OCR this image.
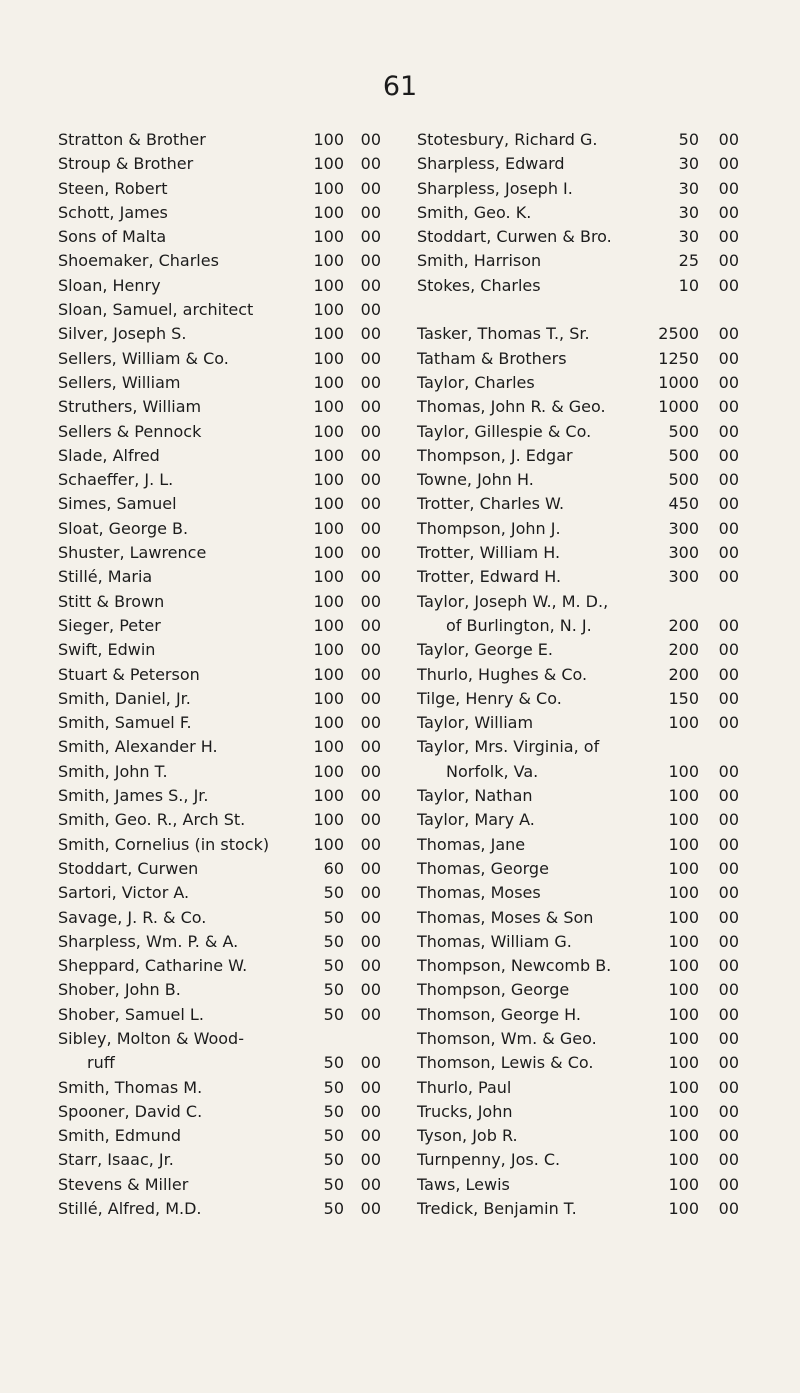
61
Stratton & Brother	100	00
Stroup & Brother	100	00
Steen, Robert	100	00
Schott, James	100	00
Sons of Malta	100	00
Shoemaker, Charles	100	00
Sloan, Henry	100	00
Sloan, Samuel, architect	100	00
Silver, Joseph S.	100	00
Sellers, William & Co.	100	00
Sellers, William	100	00
Struthers, William	100	00
Sellers & Pennock	100	00
Slade, Alfred	100	00
Schaeffer, J. L.	100	00
Simes, Samuel	100	00
Sloat, George B.	100	00
Shuster, Lawrence	100	00
Stillé, Maria	100	00
Stitt & Brown	100	00
Sieger, Peter	100	00
Swift, Edwin	100	00
Stuart & Peterson	100	00
Smith, Daniel, Jr.	100	00
Smith, Samuel F.	100	00
Smith, Alexander H.	100	00
Smith, John T.	100	00
Smith, James S., Jr.	100	00
Smith, Geo. R., Arch St.	100	00
Smith, Cornelius (in stock)	100	00
Stoddart, Curwen	60	00
Sartori, Victor A.	50	00
Savage, J. R. & Co.	50	00
Sharpless, Wm. P. & A.	50	00
Sheppard, Catharine W.	50	00
Shober, John B.	50	00
Shober, Samuel L.	50	00
Sibley, Molton & Wood-
ruff	50	00
Smith, Thomas M.	50	00
Spooner, David C.	50	00
Smith, Edmund	50	00
Starr, Isaac, Jr.	50	00
Stevens & Miller	50	00
Stillé, Alfred, M.D.	50	00
Stotesbury, Richard G.	50	00
Sharpless, Edward	30	00
Sharpless, Joseph I.	30	00
Smith, Geo. K.	30	00
Stoddart, Curwen & Bro.	30	00
Smith, Harrison	25	00
Stokes, Charles	10	00
Tasker, Thomas T., Sr.	2500	00
Tatham & Brothers	1250	00
Taylor, Charles	1000	00
Thomas, John R. & Geo.	1000	00
Taylor, Gillespie & Co.	500	00
Thompson, J. Edgar	500	00
Towne, John H.	500	00
Trotter, Charles W.	450	00
Thompson, John J.	300	00
Trotter, William H.	300	00
Trotter, Edward H.	300	00
Taylor, Joseph W., M. D.,
of Burlington, N. J.	200	00
Taylor, George E.	200	00
Thurlo, Hughes & Co.	200	00
Tilge, Henry & Co.	150	00
Taylor, William	100	00
Taylor, Mrs. Virginia, of
Norfolk, Va.	100	00
Taylor, Nathan	100	00
Taylor, Mary A.	100	00
Thomas, Jane	100	00
Thomas, George	100	00
Thomas, Moses	100	00
Thomas, Moses & Son	100	00
Thomas, William G.	100	00
Thompson, Newcomb B.	100	00
Thompson, George	100	00
Thomson, George H.	100	00
Thomson, Wm. & Geo.	100	00
Thomson, Lewis & Co.	100	00
Thurlo, Paul	100	00
Trucks, John	100	00
Tyson, Job R.	100	00
Turnpenny, Jos. C.	100	00
Taws, Lewis	100	00
Tredick, Benjamin T.	100	00
